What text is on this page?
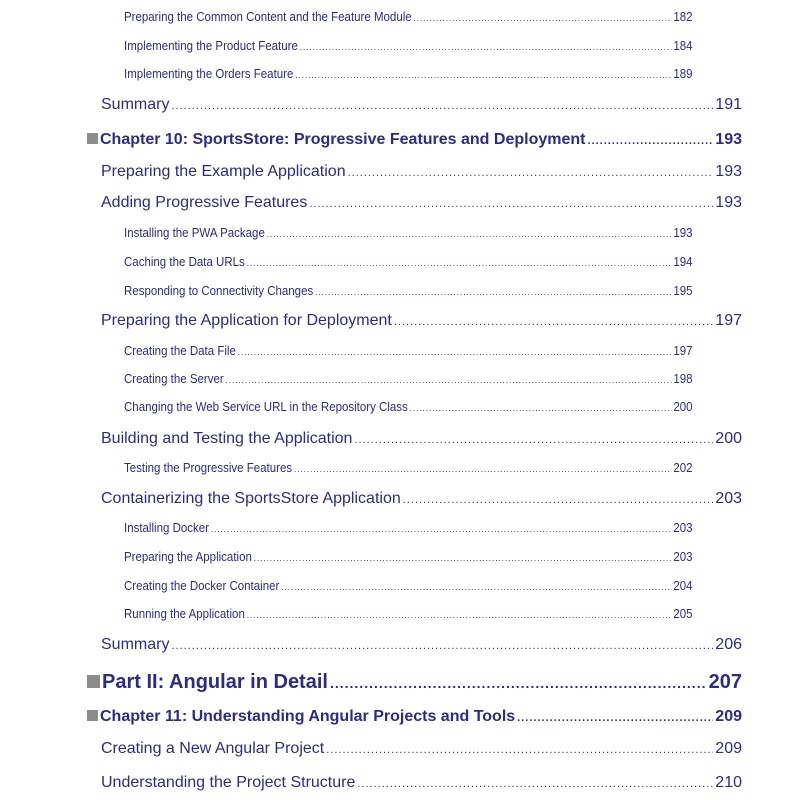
Preparing the Common Content and the Feature Module .....	182
Implementing the Product Feature .....	184
Implementing the Orders Feature .....	189
Summary .....	191
Chapter 10: SportsStore: Progressive Features and Deployment .....	193
Preparing the Example Application .....	193
Adding Progressive Features .....	193
Installing the PWA Package .....	193
Caching the Data URLs .....	194
Responding to Connectivity Changes .....	195
Preparing the Application for Deployment .....	197
Creating the Data File .....	197
Creating the Server .....	198
Changing the Web Service URL in the Repository Class .....	200
Building and Testing the Application .....	200
Testing the Progressive Features .....	202
Containerizing the SportsStore Application .....	203
Installing Docker .....	203
Preparing the Application .....	203
Creating the Docker Container .....	204
Running the Application .....	205
Summary .....	206
Part II: Angular in Detail .....	207
Chapter 11: Understanding Angular Projects and Tools .....	209
Creating a New Angular Project .....	209
Understanding the Project Structure .....	210
